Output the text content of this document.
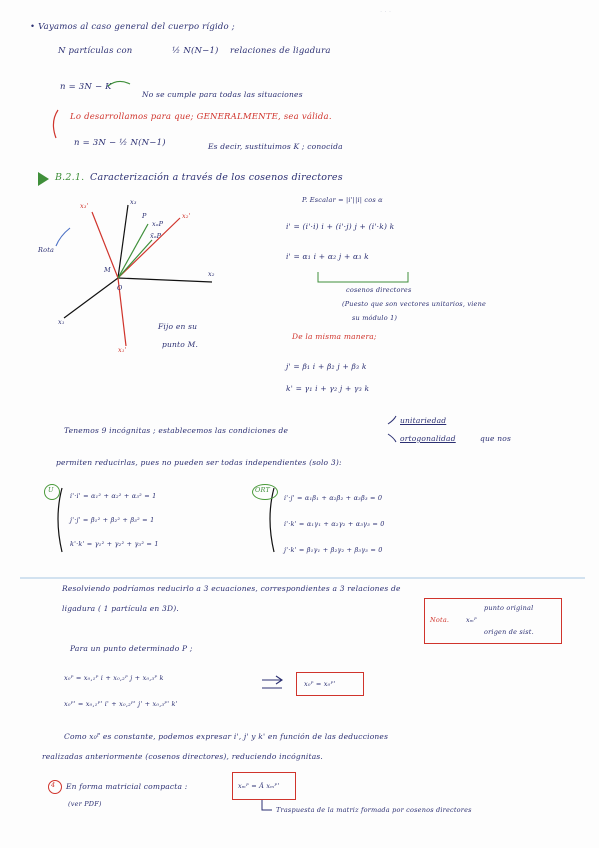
· · ·
• Vayamos al caso general del cuerpo rígido ;
N partículas con	½ N(N−1) relaciones de ligadura
n = 3N − K
No se cumple para todas las situaciones
Lo desarrollamos para que; GENERALMENTE, sea válida.
n = 3N − ½ N(N−1)	Es decir, sustituimos K ; conocida
B.2.1. Caracterización a través de los cosenos directores
x₃'	x₃
x₂'
x₂
x₁
x₁'
M
O
P
xₒP
x̃ₒP
Rota
Fijo en su
punto M.
P. Escalar = |i'||i| cos α
i' = (i'·i) i + (i'·j) j + (i'·k) k
i' = α₁ i + α₂ j + α₃ k
cosenos directores
(Puesto que son vectores unitarios, viene
su módulo 1)
De la misma manera;
j' = β₁ i + β₂ j + β₃ k
k' = γ₁ i + γ₂ j + γ₃ k
Tenemos 9 incógnitas ; establecemos las condiciones de
unitariedad
ortogonalidad	que nos
permiten reducirlas, pues no pueden ser todas independientes (solo 3):
U	ORT
i'·i' = α₁² + α₂² + α₃² = 1
j'·j' = β₁² + β₂² + β₃² = 1
k'·k' = γ₁² + γ₂² + γ₃² = 1
i'·j' = α₁β₁ + α₂β₂ + α₃β₃ = 0
i'·k' = α₁γ₁ + α₂γ₂ + α₃γ₃ = 0
j'·k' = β₁γ₁ + β₂γ₂ + β₃γ₃ = 0
Resolviendo podríamos reducirlo a 3 ecuaciones, correspondientes a 3 relaciones de
ligadura ( 1 partícula en 3D).
Nota.	xₘᴾ
punto original
origen de sist.
Para un punto determinado P ;
x₀ᴾ = x₀,₁ᴾ i + x₀,₂ᴾ j + x₀,₃ᴾ k
x₀ᴾ' = x₀,₁ᴾ' i' + x₀,₂ᴾ' j' + x₀,₃ᴾ' k'
x₀ᴾ = x₀ᴾ'
Como x₀ᴾ es constante, podemos expresar i', j' y k' en función de las deducciones
realizadas anteriormente (cosenos directores), reduciendo incógnitas.
4 En forma matricial compacta :
(ver PDF)
xₘᴾ = Ã xₘᴾ'
Traspuesta de la matriz formada por cosenos directores
